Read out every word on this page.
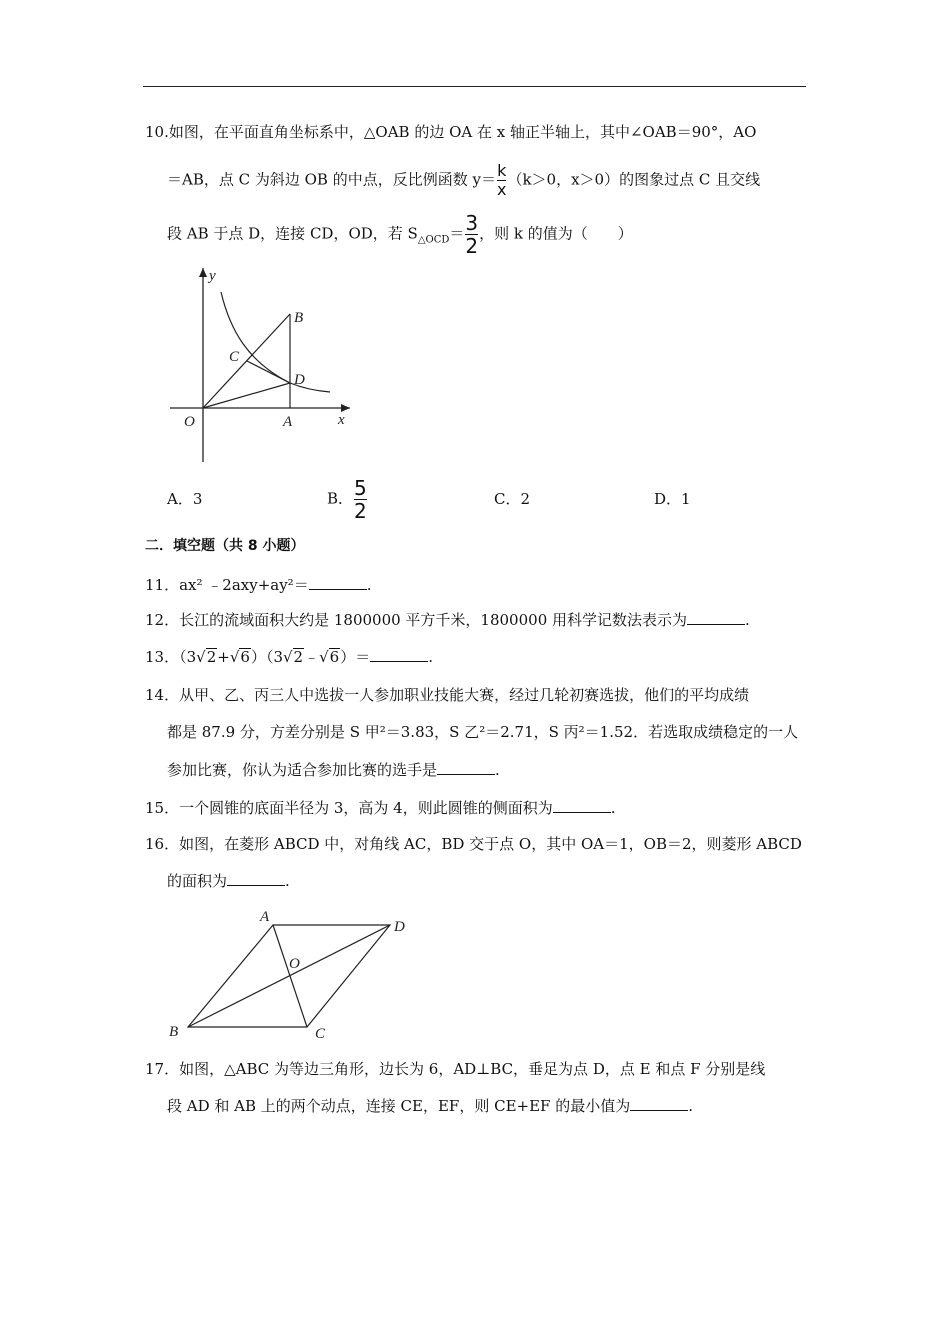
10.如图，在平面直角坐标系中，△OAB 的边 OA 在 x 轴正半轴上，其中∠OAB＝90°，AO
＝AB，点 C 为斜边 OB 的中点，反比例函数 $y= \frac{k}{x} (k>0$，x＞0）的图象过点 C 且交线
段 AB 于点 D，连接 CD，OD，若 $S_{\triangle OCD}= \frac{3}{2}$ ，则 k 的值为（　　）
y
x
O	A
B
C
D
A．3	B． $\frac{5}{2}$	C．2	D．1
二．填空题（共 8 小题）
11．ax² ﹣2axy+ay²＝	.
12．长江的流域面积大约是 1800000 平方千米，1800000 用科学记数法表示为	.
13．（3√2+√6）（3√2﹣√6）＝	.
14．从甲、乙、丙三人中选拔一人参加职业技能大赛，经过几轮初赛选拔，他们的平均成绩
都是 87.9 分，方差分别是 S 甲²＝3.83，S 乙²＝2.71，S 丙²＝1.52．若选取成绩稳定的一人
参加比赛，你认为适合参加比赛的选手是	.
15．一个圆锥的底面半径为 3，高为 4，则此圆锥的侧面积为	.
16．如图，在菱形 ABCD 中，对角线 AC，BD 交于点 O，其中 OA＝1，OB＝2，则菱形 ABCD
的面积为	.
A
D
O
B	C
17．如图，△ABC 为等边三角形，边长为 6，AD⊥BC，垂足为点 D，点 E 和点 F 分别是线
段 AD 和 AB 上的两个动点，连接 CE，EF，则 CE+EF 的最小值为	.
